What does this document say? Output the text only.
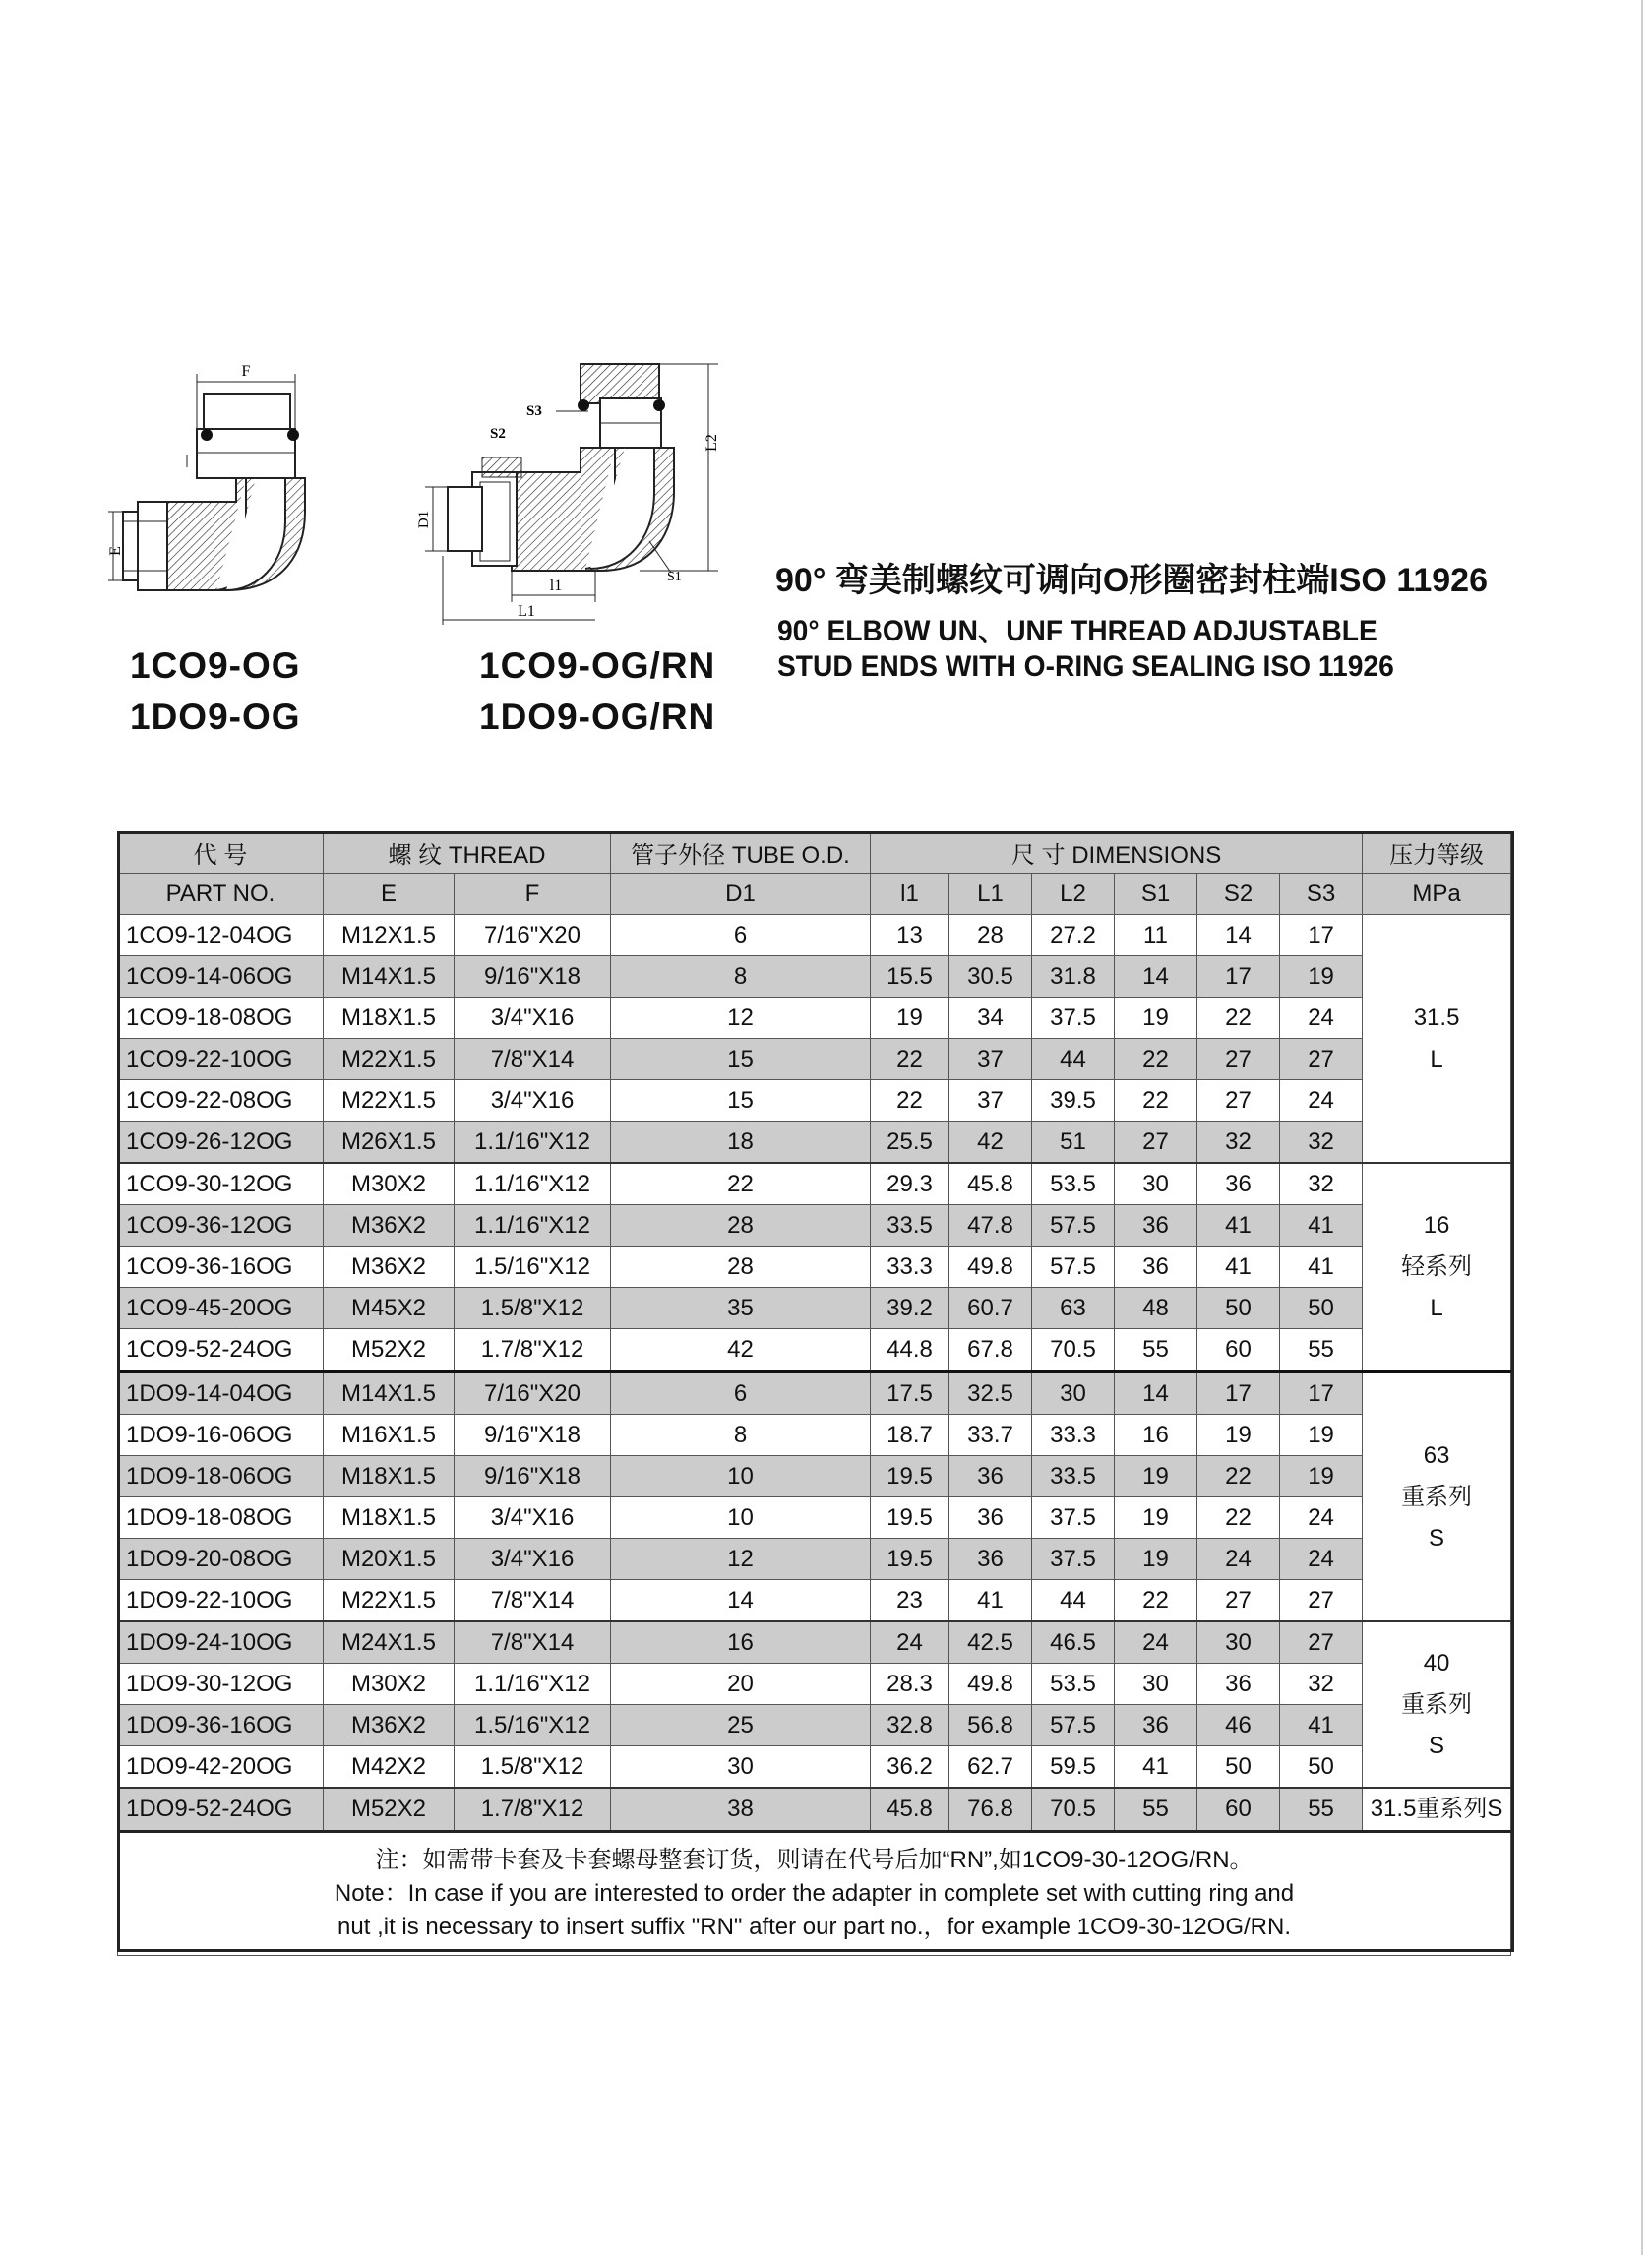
F
E
IDY
L2
S3
S2
D1
l1
L1
S1
IDY
1CO9-OG
1DO9-OG
1CO9-OG/RN
1DO9-OG/RN
90° 弯美制螺纹可调向O形圈密封柱端ISO 11926
90° ELBOW UN、UNF THREAD ADJUSTABLE
STUD ENDS WITH O-RING SEALING ISO 11926
代 号	螺 纹 THREAD		管子外径 TUBE O.D.	尺 寸 DIMENSIONS						压力等级
PART NO.	E	F	D1	l1	L1	L2	S1	S2	S3	MPa
1CO9-12-04OG	M12X1.5	7/16"X20	6	13	28	27.2	11	14	17	31.5
L

1CO9-14-06OG	M14X1.5	9/16"X18	8	15.5	30.5	31.8	14	17	19	
1CO9-18-08OG	M18X1.5	3/4"X16	12	19	34	37.5	19	22	24	
1CO9-22-10OG	M22X1.5	7/8"X14	15	22	37	44	22	27	27	
1CO9-22-08OG	M22X1.5	3/4"X16	15	22	37	39.5	22	27	24	
1CO9-26-12OG	M26X1.5	1.1/16"X12	18	25.5	42	51	27	32	32	
1CO9-30-12OG	M30X2	1.1/16"X12	22	29.3	45.8	53.5	30	36	32	16
轻系列
L

1CO9-36-12OG	M36X2	1.1/16"X12	28	33.5	47.8	57.5	36	41	41	
1CO9-36-16OG	M36X2	1.5/16"X12	28	33.3	49.8	57.5	36	41	41	
1CO9-45-20OG	M45X2	1.5/8"X12	35	39.2	60.7	63	48	50	50	
1CO9-52-24OG	M52X2	1.7/8"X12	42	44.8	67.8	70.5	55	60	55	
1DO9-14-04OG	M14X1.5	7/16"X20	6	17.5	32.5	30	14	17	17	63
重系列
S

1DO9-16-06OG	M16X1.5	9/16"X18	8	18.7	33.7	33.3	16	19	19	
1DO9-18-06OG	M18X1.5	9/16"X18	10	19.5	36	33.5	19	22	19	
1DO9-18-08OG	M18X1.5	3/4"X16	10	19.5	36	37.5	19	22	24	
1DO9-20-08OG	M20X1.5	3/4"X16	12	19.5	36	37.5	19	24	24	
1DO9-22-10OG	M22X1.5	7/8"X14	14	23	41	44	22	27	27	
1DO9-24-10OG	M24X1.5	7/8"X14	16	24	42.5	46.5	24	30	27	40
重系列
S

1DO9-30-12OG	M30X2	1.1/16"X12	20	28.3	49.8	53.5	30	36	32	
1DO9-36-16OG	M36X2	1.5/16"X12	25	32.8	56.8	57.5	36	46	41	
1DO9-42-20OG	M42X2	1.5/8"X12	30	36.2	62.7	59.5	41	50	50	
1DO9-52-24OG	M52X2	1.7/8"X12	38	45.8	76.8	70.5	55	60	55	31.5重系列S

注：如需带卡套及卡套螺母整套订货，则请在代号后加“RN”,如1CO9-30-12OG/RN。
Note：In case if you are interested to order the adapter in complete set with cutting ring and
nut ,it is necessary to insert suffix "RN" after our part no.，for example 1CO9-30-12OG/RN.										
